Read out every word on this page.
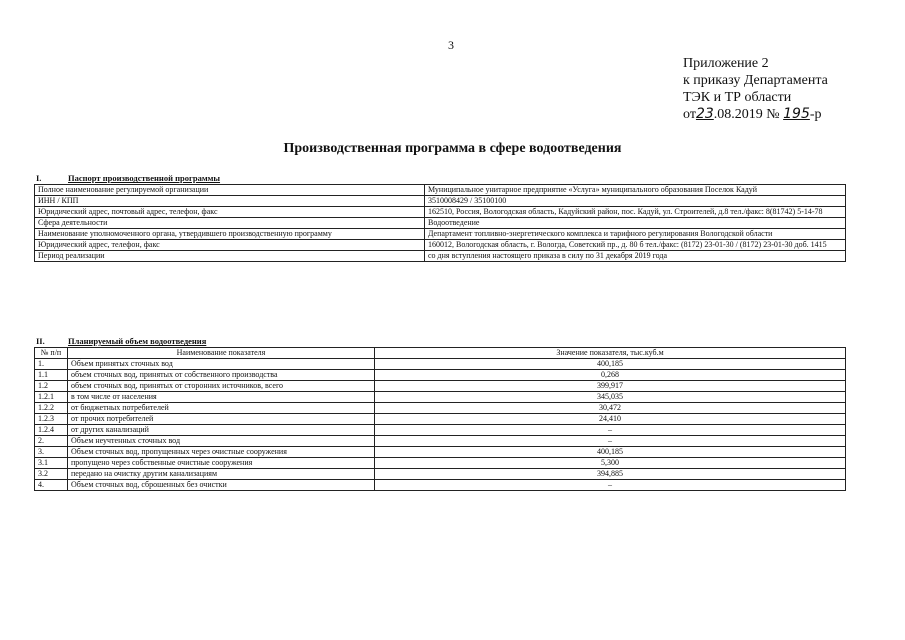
3
Приложение 2
к приказу Департамента
ТЭК и ТР области
от23.08.2019 № 195-р
Производственная программа в сфере водоотведения
I.	Паспорт производственной программы
Полное наименование регулируемой организации	Муниципальное унитарное предприятие «Услуга» муниципального образования Поселок Кадуй
ИНН / КПП	3510008429 / 35100100
Юридический адрес, почтовый адрес, телефон, факс	162510, Россия, Вологодская область, Кадуйский район, пос. Кадуй, ул. Строителей, д.8 тел./факс: 8(81742) 5-14-78
Сфера деятельности	Водоотведение
Наименование уполномоченного органа, утвердившего производственную программу	Департамент топливно-энергетического комплекса и тарифного регулирования Вологодской области
Юридический адрес, телефон, факс	160012, Вологодская область, г. Вологда, Советский пр., д. 80 б тел./факс: (8172) 23-01-30 / (8172) 23-01-30 доб. 1415
Период реализации	со дня вступления настоящего приказа в силу по 31 декабря 2019 года
II.	Планируемый объем водоотведения
№ п/п	Наименование показателя	Значение показателя, тыс.куб.м
1.	Объем принятых сточных вод	400,185
1.1	объем сточных вод, принятых от собственного производства	0,268
1.2	объем сточных вод, принятых от сторонних источников, всего	399,917
1.2.1	в том числе от населения	345,035
1.2.2	от бюджетных потребителей	30,472
1.2.3	от прочих потребителей	24,410
1.2.4	от других канализаций	–
2.	Объем неучтенных сточных вод	–
3.	Объем сточных вод, пропущенных через очистные сооружения	400,185
3.1	пропущено через собственные очистные сооружения	5,300
3.2	передано на очистку другим канализациям	394,885
4.	Объем сточных вод, сброшенных без очистки	–
